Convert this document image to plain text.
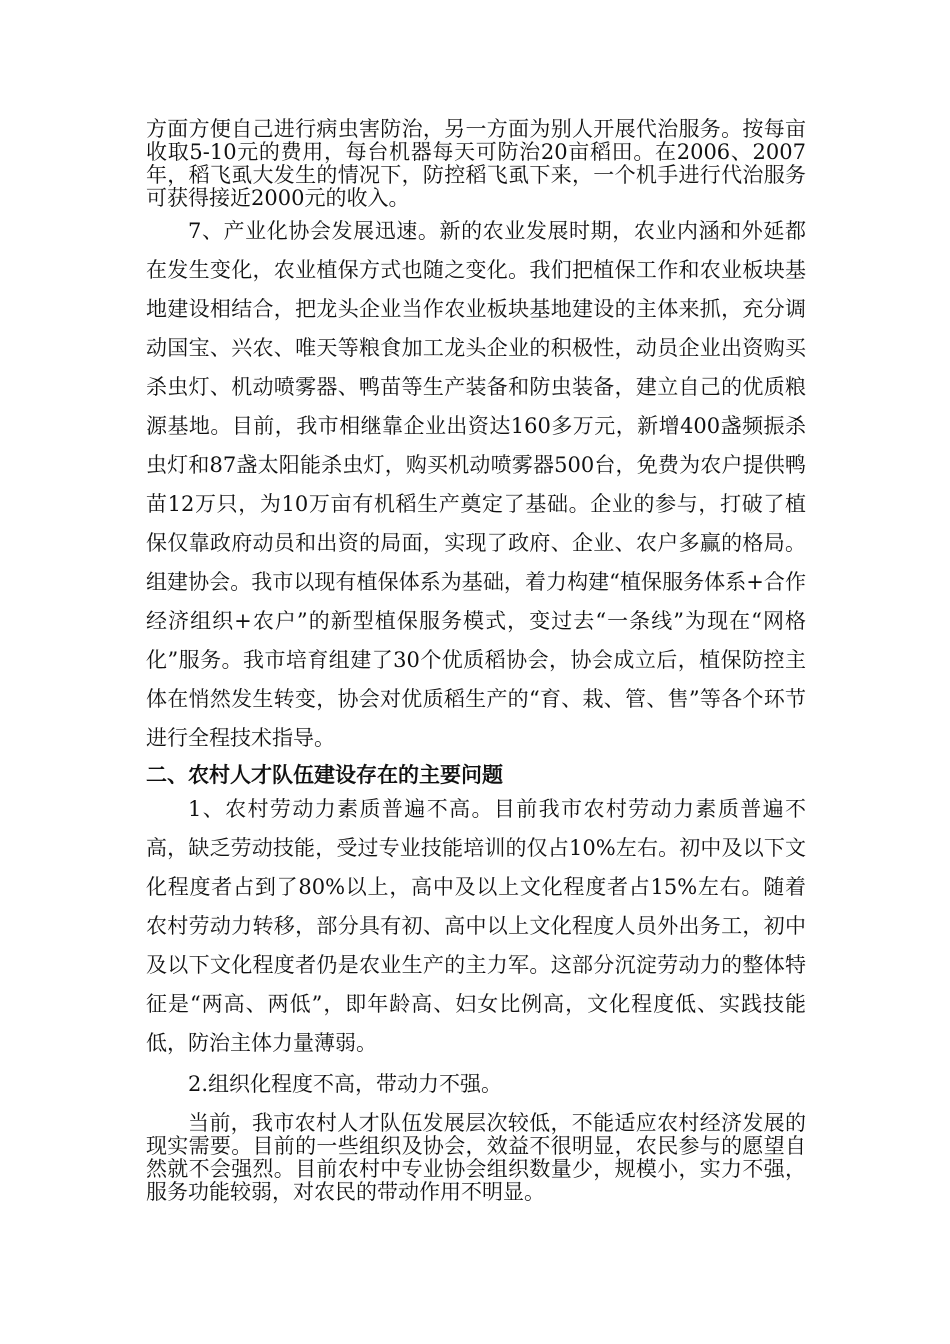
方面方便自己进行病虫害防治，另一方面为别人开展代治服务。按每亩收取5-10元的费用，每台机器每天可防治20亩稻田。在2006、2007年，稻飞虱大发生的情况下，防控稻飞虱下来，一个机手进行代治服务可获得接近2000元的收入。

7、产业化协会发展迅速。新的农业发展时期，农业内涵和外延都在发生变化，农业植保方式也随之变化。我们把植保工作和农业板块基地建设相结合，把龙头企业当作农业板块基地建设的主体来抓，充分调动国宝、兴农、唯天等粮食加工龙头企业的积极性，动员企业出资购买杀虫灯、机动喷雾器、鸭苗等生产装备和防虫装备，建立自己的优质粮源基地。目前，我市相继靠企业出资达160多万元，新增400盏频振杀虫灯和87盏太阳能杀虫灯，购买机动喷雾器500台，免费为农户提供鸭苗12万只，为10万亩有机稻生产奠定了基础。企业的参与，打破了植保仅靠政府动员和出资的局面，实现了政府、企业、农户多赢的格局。组建协会。我市以现有植保体系为基础，着力构建“植保服务体系+合作经济组织+农户”的新型植保服务模式，变过去“一条线”为现在“网格化”服务。我市培育组建了30个优质稻协会，协会成立后，植保防控主体在悄然发生转变，协会对优质稻生产的“育、栽、管、售”等各个环节进行全程技术指导。

二、农村人才队伍建设存在的主要问题

1、农村劳动力素质普遍不高。目前我市农村劳动力素质普遍不高，缺乏劳动技能，受过专业技能培训的仅占10%左右。初中及以下文化程度者占到了80%以上，高中及以上文化程度者占15%左右。随着农村劳动力转移，部分具有初、高中以上文化程度人员外出务工，初中及以下文化程度者仍是农业生产的主力军。这部分沉淀劳动力的整体特征是“两高、两低”，即年龄高、妇女比例高，文化程度低、实践技能低，防治主体力量薄弱。

2.组织化程度不高，带动力不强。

当前，我市农村人才队伍发展层次较低，不能适应农村经济发展的现实需要。目前的一些组织及协会，效益不很明显，农民参与的愿望自然就不会强烈。目前农村中专业协会组织数量少，规模小，实力不强，服务功能较弱，对农民的带动作用不明显。
